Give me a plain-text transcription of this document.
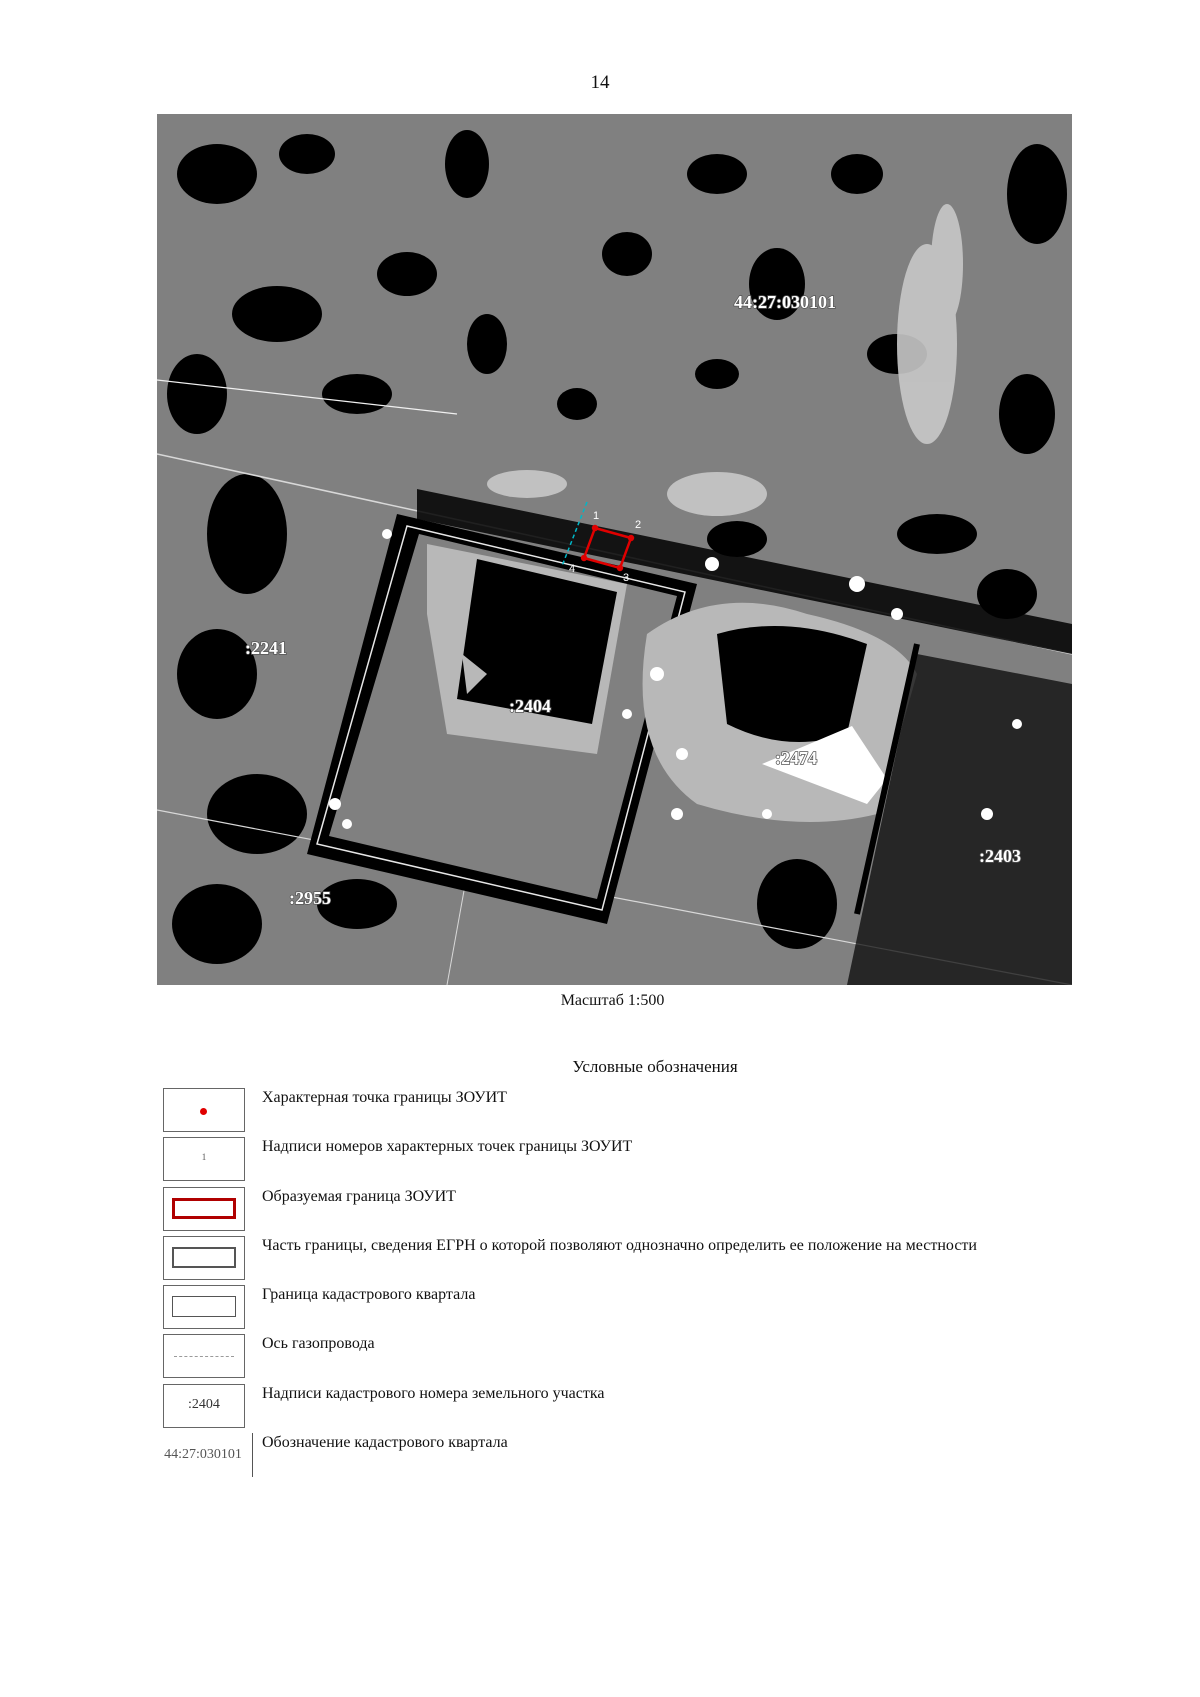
14
1
2
3
4
44:27:030101
:2241
:2404
:2474
:2403
:2955
Масштаб 1:500
Условные обозначения
Характерная точка границы ЗОУИТ
1
Надписи номеров характерных точек границы ЗОУИТ
Образуемая граница ЗОУИТ
Часть границы, сведения ЕГРН о которой позволяют однозначно определить ее положение на местности
Граница кадастрового квартала
Ось газопровода
:2404
Надписи кадастрового номера земельного участка
44:27:030101
Обозначение кадастрового квартала
